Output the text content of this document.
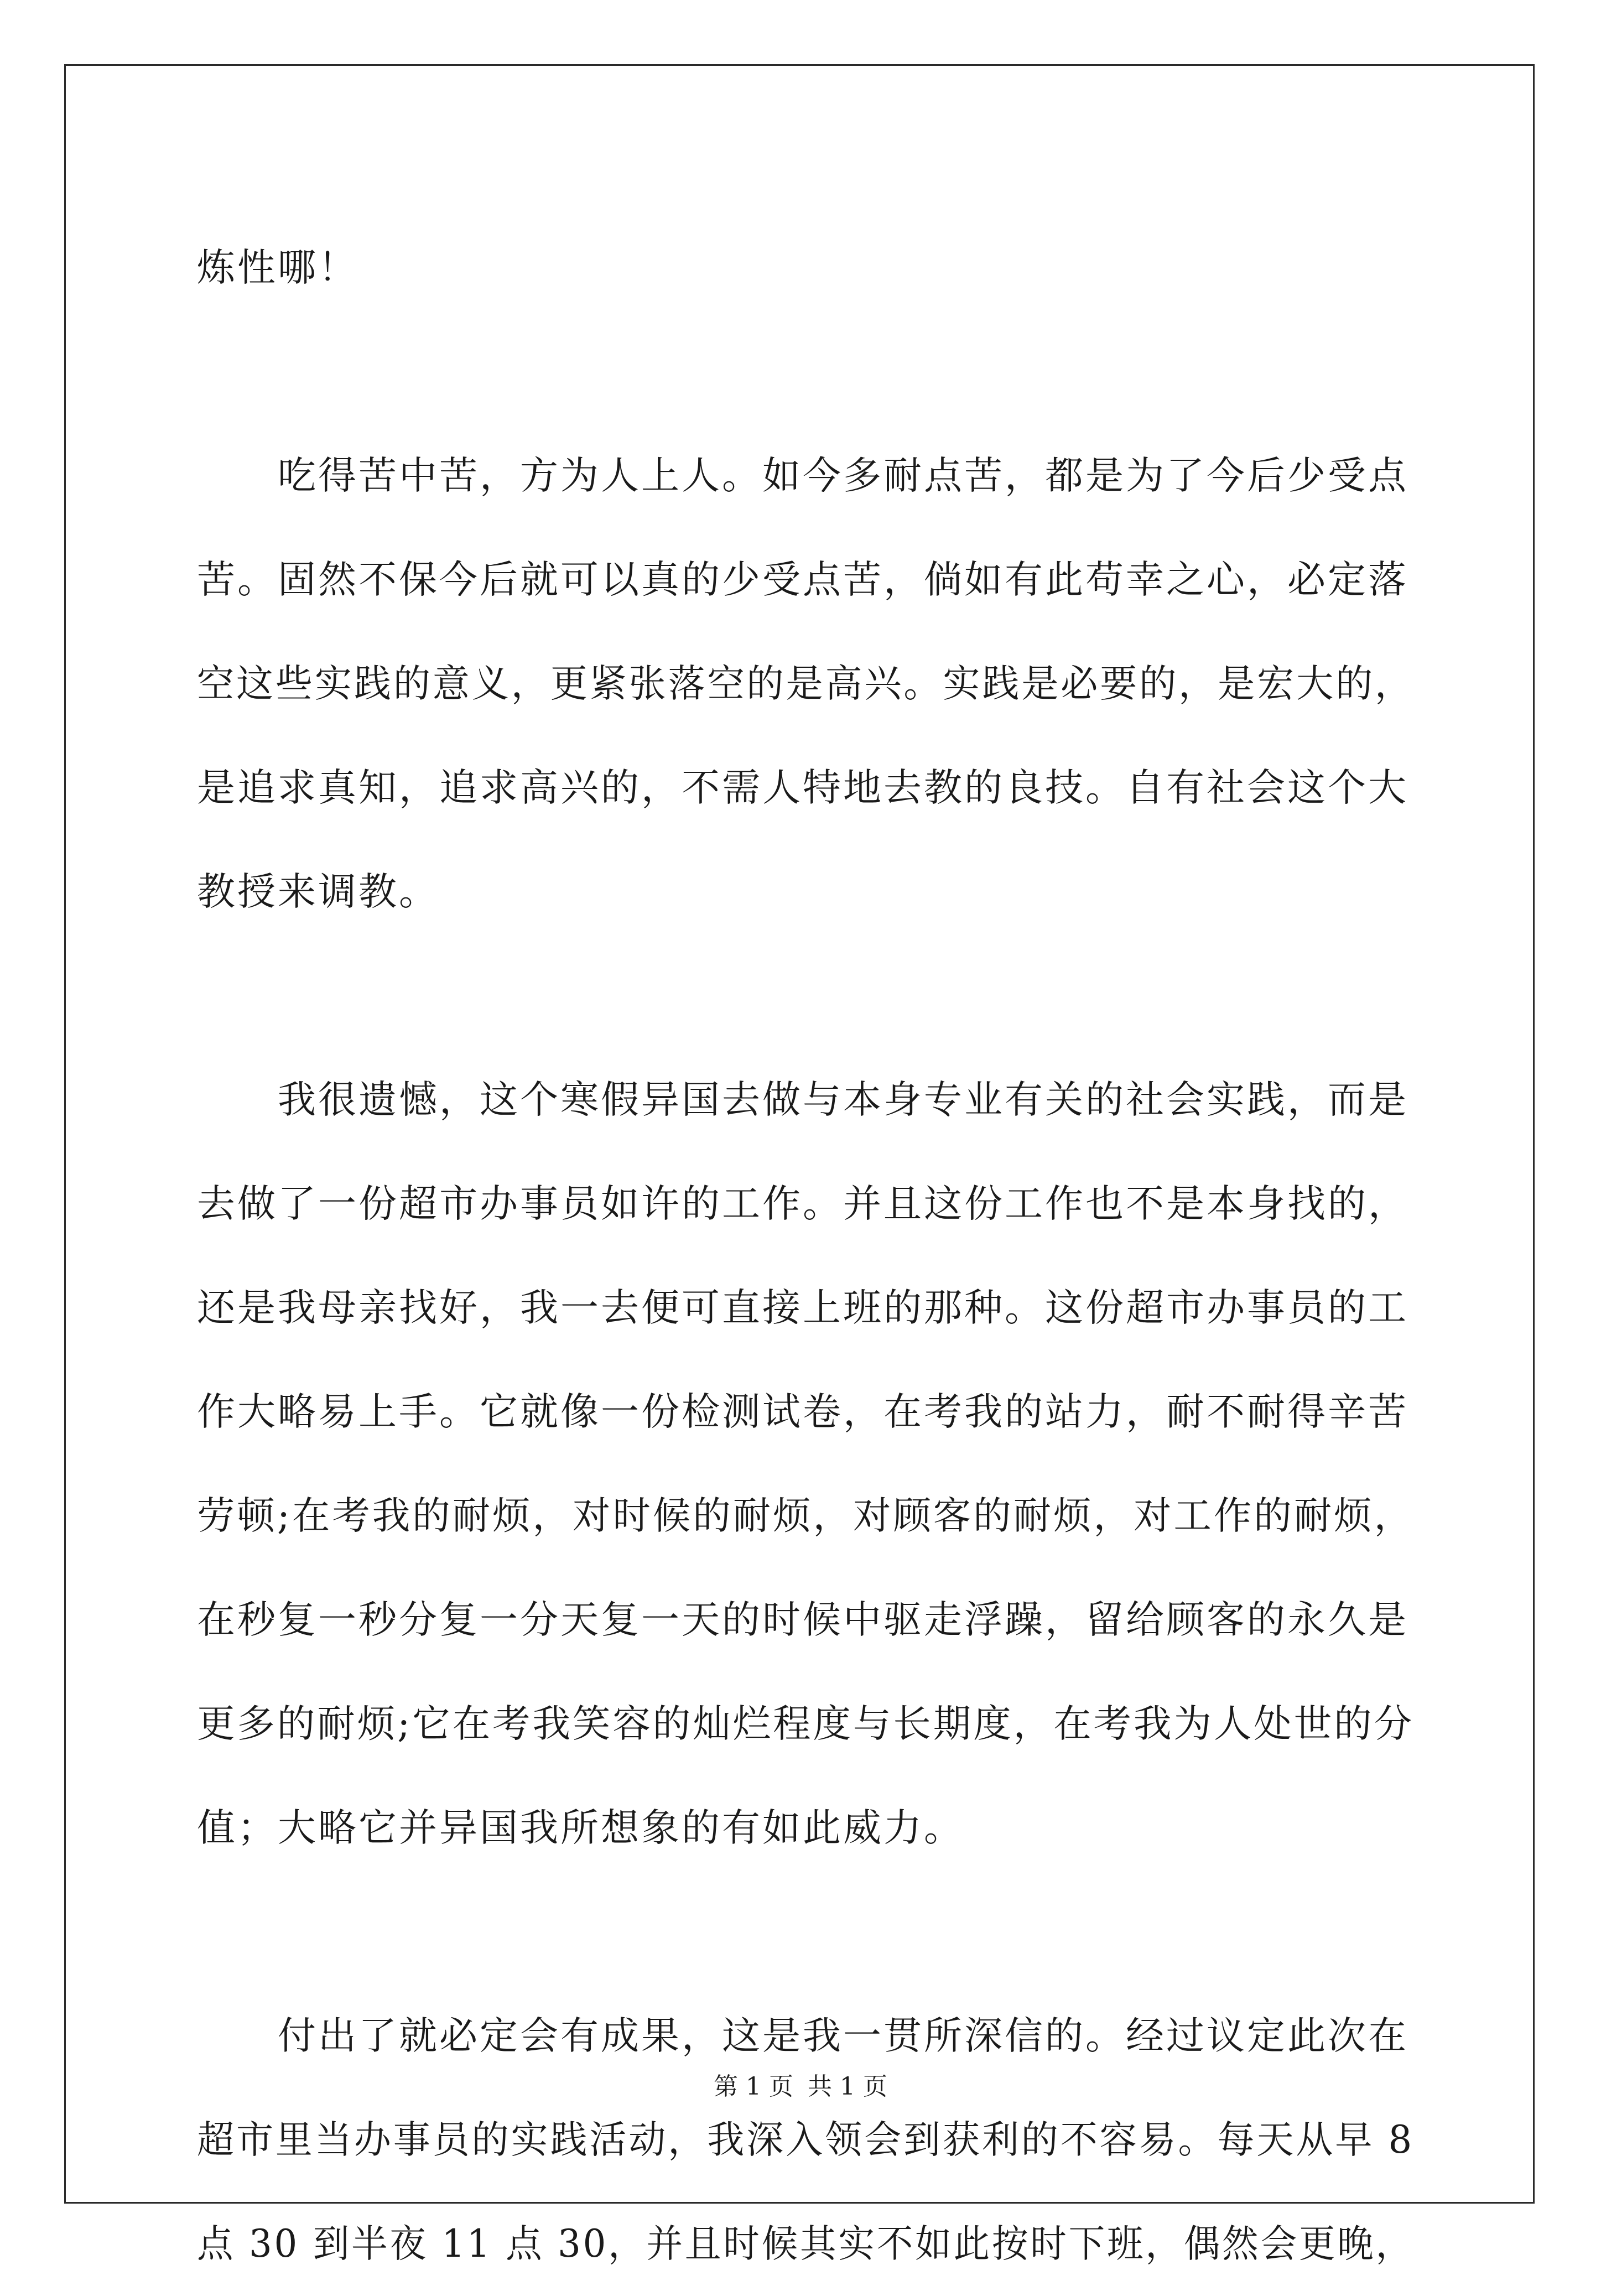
炼性哪！
　　吃得苦中苦，方为人上人。如今多耐点苦，都是为了今后少受点
苦。固然不保今后就可以真的少受点苦，倘如有此苟幸之心，必定落
空这些实践的意义，更紧张落空的是高兴。实践是必要的，是宏大的，
是追求真知，追求高兴的，不需人特地去教的良技。自有社会这个大
教授来调教。
　　我很遗憾，这个寒假异国去做与本身专业有关的社会实践，而是
去做了一份超市办事员如许的工作。并且这份工作也不是本身找的，
还是我母亲找好，我一去便可直接上班的那种。这份超市办事员的工
作大略易上手。它就像一份检测试卷，在考我的站力，耐不耐得辛苦
劳顿;在考我的耐烦，对时候的耐烦，对顾客的耐烦，对工作的耐烦，
在秒复一秒分复一分天复一天的时候中驱走浮躁，留给顾客的永久是
更多的耐烦;它在考我笑容的灿烂程度与长期度，在考我为人处世的分
值；大略它并异国我所想象的有如此威力。
　　付出了就必定会有成果，这是我一贯所深信的。经过议定此次在
超市里当办事员的实践活动，我深入领会到获利的不容易。每天从早 8
点 30 到半夜 11 点 30，并且时候其实不如此按时下班，偶然会更晚，
第 1 页 共 1 页
